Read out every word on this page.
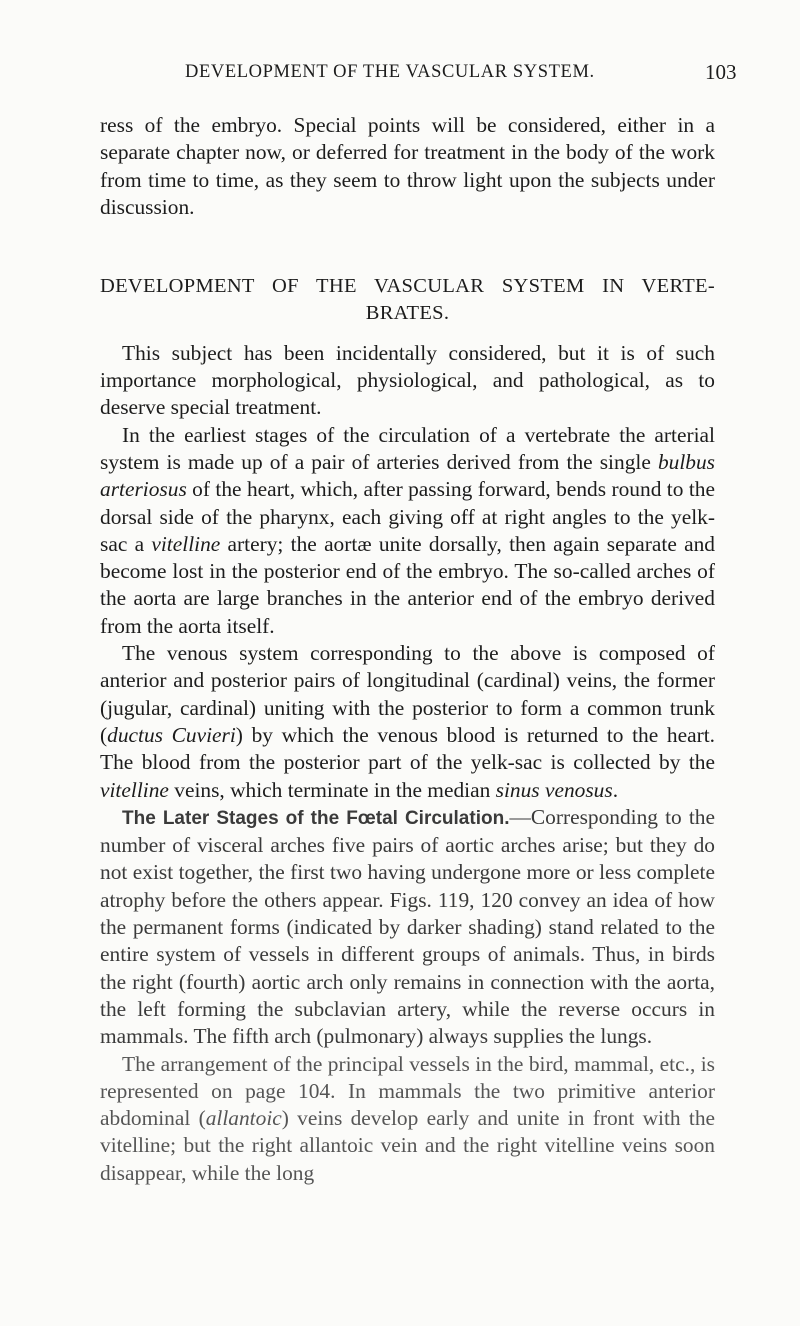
DEVELOPMENT OF THE VASCULAR SYSTEM.	103

ress of the embryo. Special points will be considered, either in a separate chapter now, or deferred for treatment in the body of the work from time to time, as they seem to throw light upon the subjects under discussion.

DEVELOPMENT OF THE VASCULAR SYSTEM IN VERTE-
BRATES.

This subject has been incidentally considered, but it is of such importance morphological, physiological, and pathological, as to deserve special treatment.

In the earliest stages of the circulation of a vertebrate the arterial system is made up of a pair of arteries derived from the single bulbus arteriosus of the heart, which, after passing forward, bends round to the dorsal side of the pharynx, each giving off at right angles to the yelk-sac a vitelline artery; the aortæ unite dorsally, then again separate and become lost in the posterior end of the embryo. The so-called arches of the aorta are large branches in the anterior end of the embryo derived from the aorta itself.

The venous system corresponding to the above is composed of anterior and posterior pairs of longitudinal (cardinal) veins, the former (jugular, cardinal) uniting with the posterior to form a common trunk (ductus Cuvieri) by which the venous blood is returned to the heart. The blood from the posterior part of the yelk-sac is collected by the vitelline veins, which terminate in the median sinus venosus.

The Later Stages of the Fœtal Circulation.—Corresponding to the number of visceral arches five pairs of aortic arches arise; but they do not exist together, the first two having undergone more or less complete atrophy before the others appear. Figs. 119, 120 convey an idea of how the permanent forms (indicated by darker shading) stand related to the entire system of vessels in different groups of animals. Thus, in birds the right (fourth) aortic arch only remains in connection with the aorta, the left forming the subclavian artery, while the reverse occurs in mammals. The fifth arch (pulmonary) always supplies the lungs.

The arrangement of the principal vessels in the bird, mammal, etc., is represented on page 104. In mammals the two primitive anterior abdominal (allantoic) veins develop early and unite in front with the vitelline; but the right allantoic vein and the right vitelline veins soon disappear, while the long
